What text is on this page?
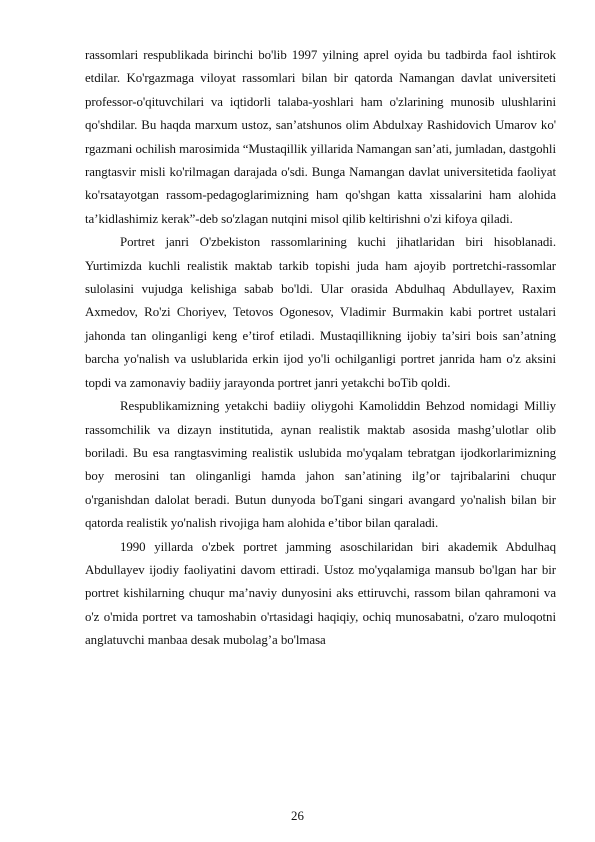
rassomlari respublikada birinchi bo'lib 1997 yilning aprel oyida bu tadbirda faol ishtirok etdilar. Ko'rgazmaga viloyat rassomlari bilan bir qatorda Namangan davlat universiteti professor-o'qituvchilari va iqtidorli talaba-yoshlari ham o'zlarining munosib ulushlarini qo'shdilar. Bu haqda marxum ustoz, san’atshunos olim Abdulxay Rashidovich Umarov ko' rgazmani ochilish marosimida “Mustaqillik yillarida Namangan san’ati, jumladan, dastgohli rangtasvir misli ko'rilmagan darajada o'sdi. Bunga Namangan davlat universitetida faoliyat ko'rsatayotgan rassom-pedagoglarimizning ham qo'shgan katta xissalarini ham alohida ta’kidlashimiz kerak”-deb so'zlagan nutqini misol qilib keltirishni o'zi kifoya qiladi.

Portret janri O'zbekiston rassomlarining kuchi jihatlaridan biri hisoblanadi. Yurtimizda kuchli realistik maktab tarkib topishi juda ham ajoyib portretchi-rassomlar sulolasini vujudga kelishiga sabab bo'ldi. Ular orasida Abdulhaq Abdullayev, Raxim Axmedov, Ro'zi Choriyev, Tetovos Ogonesov, Vladimir Burmakin kabi portret ustalari jahonda tan olinganligi keng e’tirof etiladi. Mustaqillikning ijobiy ta’siri bois san’atning barcha yo'nalish va uslublarida erkin ijod yo'li ochilganligi portret janrida ham o'z aksini topdi va zamonaviy badiiy jarayonda portret janri yetakchi boTib qoldi.

Respublikamizning yetakchi badiiy oliygohi Kamoliddin Behzod nomidagi Milliy rassomchilik va dizayn institutida, aynan realistik maktab asosida mashg’ulotlar olib boriladi. Bu esa rangtasviming realistik uslubida mo'yqalam tebratgan ijodkorlarimizning boy merosini tan olinganligi hamda jahon san’atining ilg’or tajribalarini chuqur o'rganishdan dalolat beradi. Butun dunyoda boTgani singari avangard yo'nalish bilan bir qatorda realistik yo'nalish rivojiga ham alohida e’tibor bilan qaraladi.

1990 yillarda o'zbek portret jamming asoschilaridan biri akademik Abdulhaq Abdullayev ijodiy faoliyatini davom ettiradi. Ustoz mo'yqalamiga mansub bo'lgan har bir portret kishilarning chuqur ma’naviy dunyosini aks ettiruvchi, rassom bilan qahramoni va o'z o'mida portret va tamoshabin o'rtasidagi haqiqiy, ochiq munosabatni, o'zaro muloqotni anglatuvchi manbaa desak mubolag’a bo'lmasa

26
